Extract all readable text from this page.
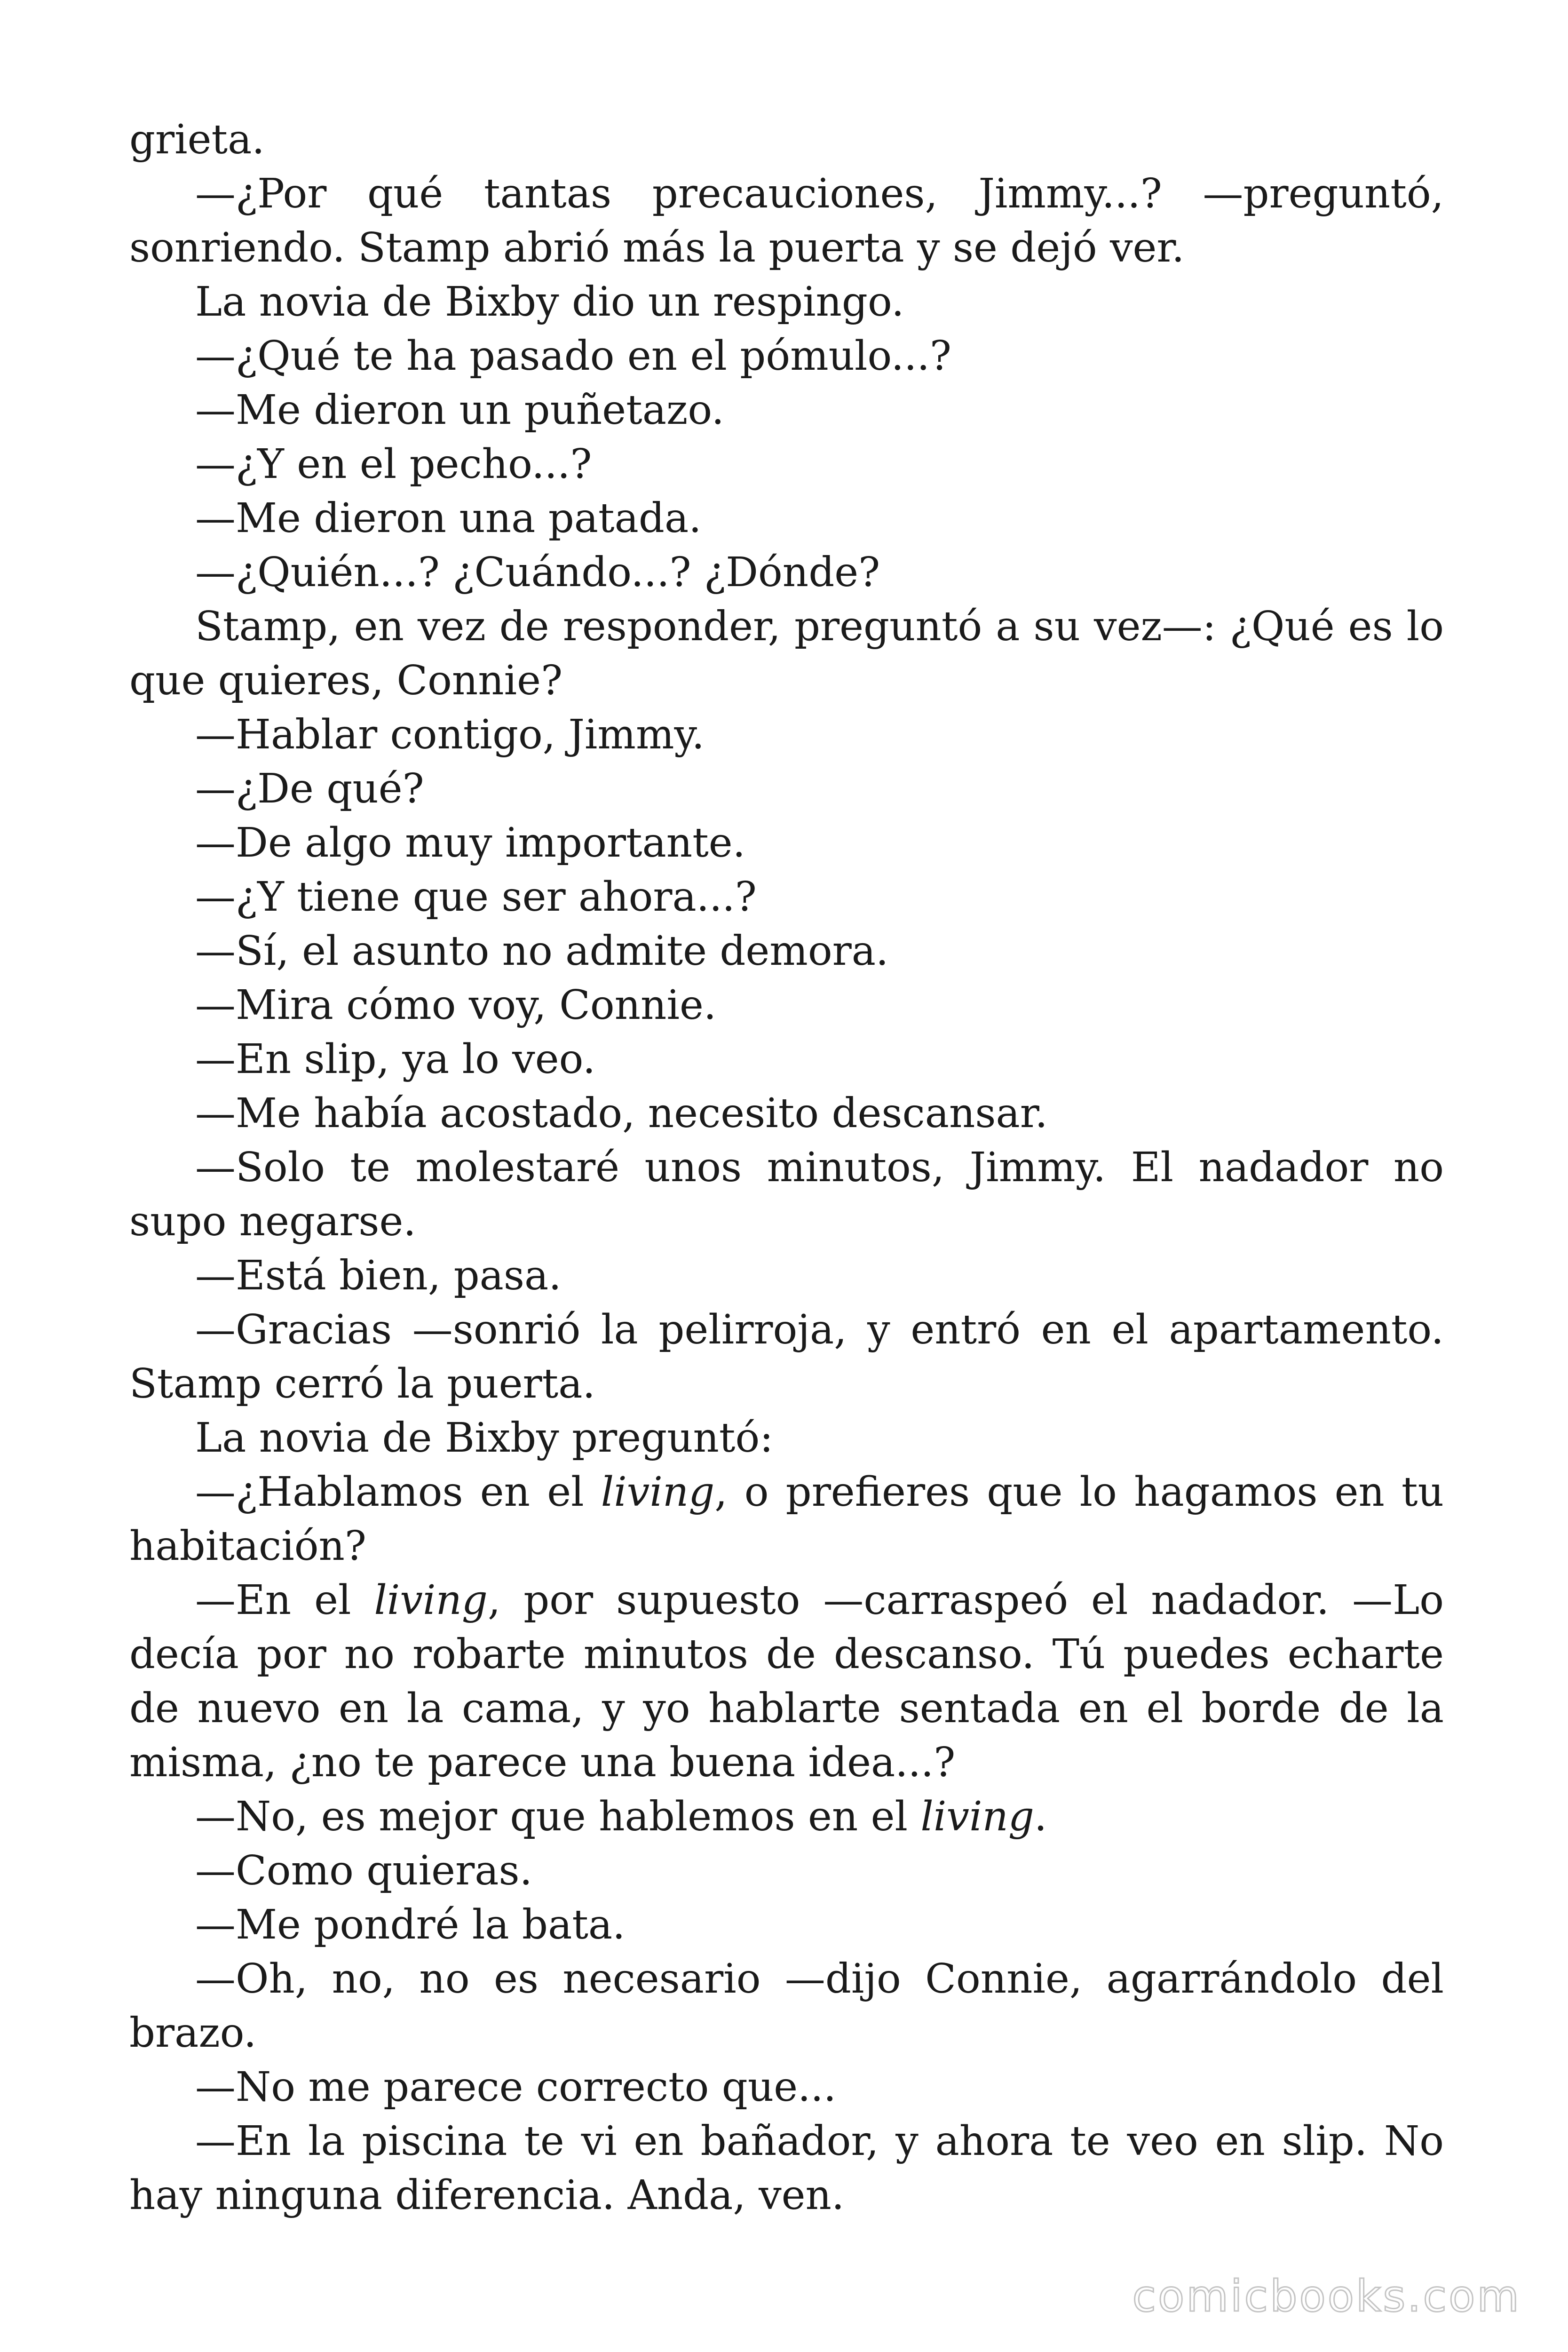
grieta.

—¿Por qué tantas precauciones, Jimmy...? —preguntó, sonriendo. Stamp abrió más la puerta y se dejó ver.

La novia de Bixby dio un respingo.

—¿Qué te ha pasado en el pómulo...?

—Me dieron un puñetazo.

—¿Y en el pecho...?

—Me dieron una patada.

—¿Quién...? ¿Cuándo...? ¿Dónde?

Stamp, en vez de responder, preguntó a su vez—: ¿Qué es lo que quieres, Connie?

—Hablar contigo, Jimmy.

—¿De qué?

—De algo muy importante.

—¿Y tiene que ser ahora...?

—Sí, el asunto no admite demora.

—Mira cómo voy, Connie.

—En slip, ya lo veo.

—Me había acostado, necesito descansar.

—Solo te molestaré unos minutos, Jimmy. El nadador no supo negarse.

—Está bien, pasa.

—Gracias —sonrió la pelirroja, y entró en el apartamento. Stamp cerró la puerta.

La novia de Bixby preguntó:

—¿Hablamos en el living, o prefieres que lo hagamos en tu habitación?

—En el living, por supuesto —carraspeó el nadador. —Lo decía por no robarte minutos de descanso. Tú puedes echarte de nuevo en la cama, y yo hablarte sentada en el borde de la misma, ¿no te parece una buena idea...?

—No, es mejor que hablemos en el living.

—Como quieras.

—Me pondré la bata.

—Oh, no, no es necesario —dijo Connie, agarrándolo del brazo.

—No me parece correcto que...

—En la piscina te vi en bañador, y ahora te veo en slip. No hay ninguna diferencia. Anda, ven.

comicbooks.com
